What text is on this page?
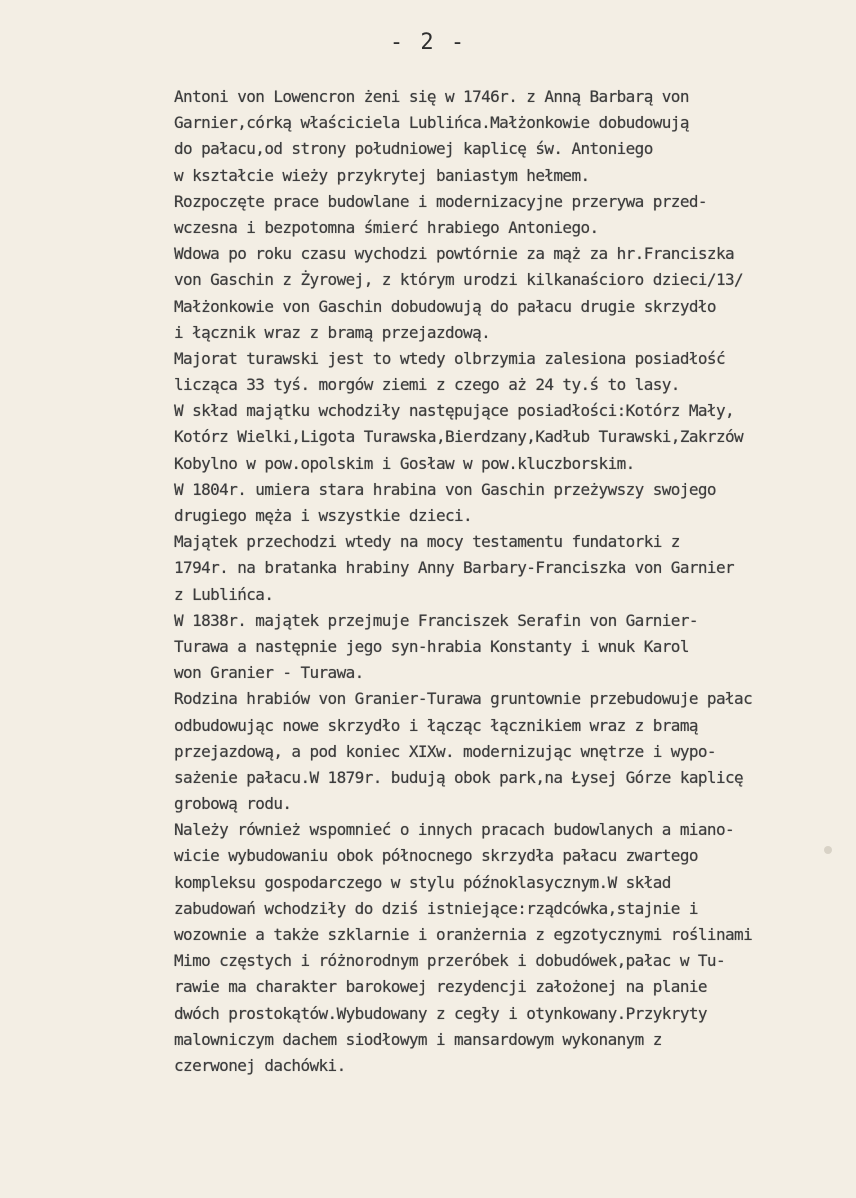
- 2 -
Antoni von Lowencron żeni się w 1746r. z Anną Barbarą von
Garnier,córką właściciela Lublińca.Małżonkowie dobudowują
do pałacu,od strony południowej kaplicę św. Antoniego
w kształcie wieży przykrytej baniastym hełmem.
Rozpoczęte prace budowlane i modernizacyjne przerywa przed-
wczesna i bezpotomna śmierć hrabiego Antoniego.
Wdowa po roku czasu wychodzi powtórnie za mąż za hr.Franciszka
von Gaschin z Żyrowej, z którym urodzi kilkanaścioro dzieci/13/
Małżonkowie von Gaschin dobudowują do pałacu drugie skrzydło
i łącznik wraz z bramą przejazdową.
Majorat turawski jest to wtedy olbrzymia zalesiona posiadłość
licząca 33 tyś. morgów ziemi z czego aż 24 ty.ś to lasy.
W skład majątku wchodziły następujące posiadłości:Kotórz Mały,
Kotórz Wielki,Ligota Turawska,Bierdzany,Kadłub Turawski,Zakrzów
Kobylno w pow.opolskim i Gosław w pow.kluczborskim.
W 1804r. umiera stara hrabina von Gaschin przeżywszy swojego
drugiego męża i wszystkie dzieci.
Majątek przechodzi wtedy na mocy testamentu fundatorki z
1794r. na bratanka hrabiny Anny Barbary-Franciszka von Garnier
z Lublińca.
W 1838r. majątek przejmuje Franciszek Serafin von Garnier-
Turawa a następnie jego syn-hrabia Konstanty i wnuk Karol
won Granier - Turawa.
Rodzina hrabiów von Granier-Turawa gruntownie przebudowuje pałac
odbudowując nowe skrzydło i łącząc łącznikiem wraz z bramą
przejazdową, a pod koniec XIXw. modernizując wnętrze i wypo-
sażenie pałacu.W 1879r. budują obok park,na Łysej Górze kaplicę
grobową rodu.
Należy również wspomnieć o innych pracach budowlanych a miano-
wicie wybudowaniu obok północnego skrzydła pałacu zwartego
kompleksu gospodarczego w stylu późnoklasycznym.W skład
zabudowań wchodziły do dziś istniejące:rządcówka,stajnie i
wozownie a także szklarnie i oranżernia z egzotycznymi roślinami
Mimo częstych i różnorodnym przeróbek i dobudówek,pałac w Tu-
rawie ma charakter barokowej rezydencji założonej na planie
dwóch prostokątów.Wybudowany z cegły i otynkowany.Przykryty
malowniczym dachem siodłowym i mansardowym wykonanym z
czerwonej dachówki.
